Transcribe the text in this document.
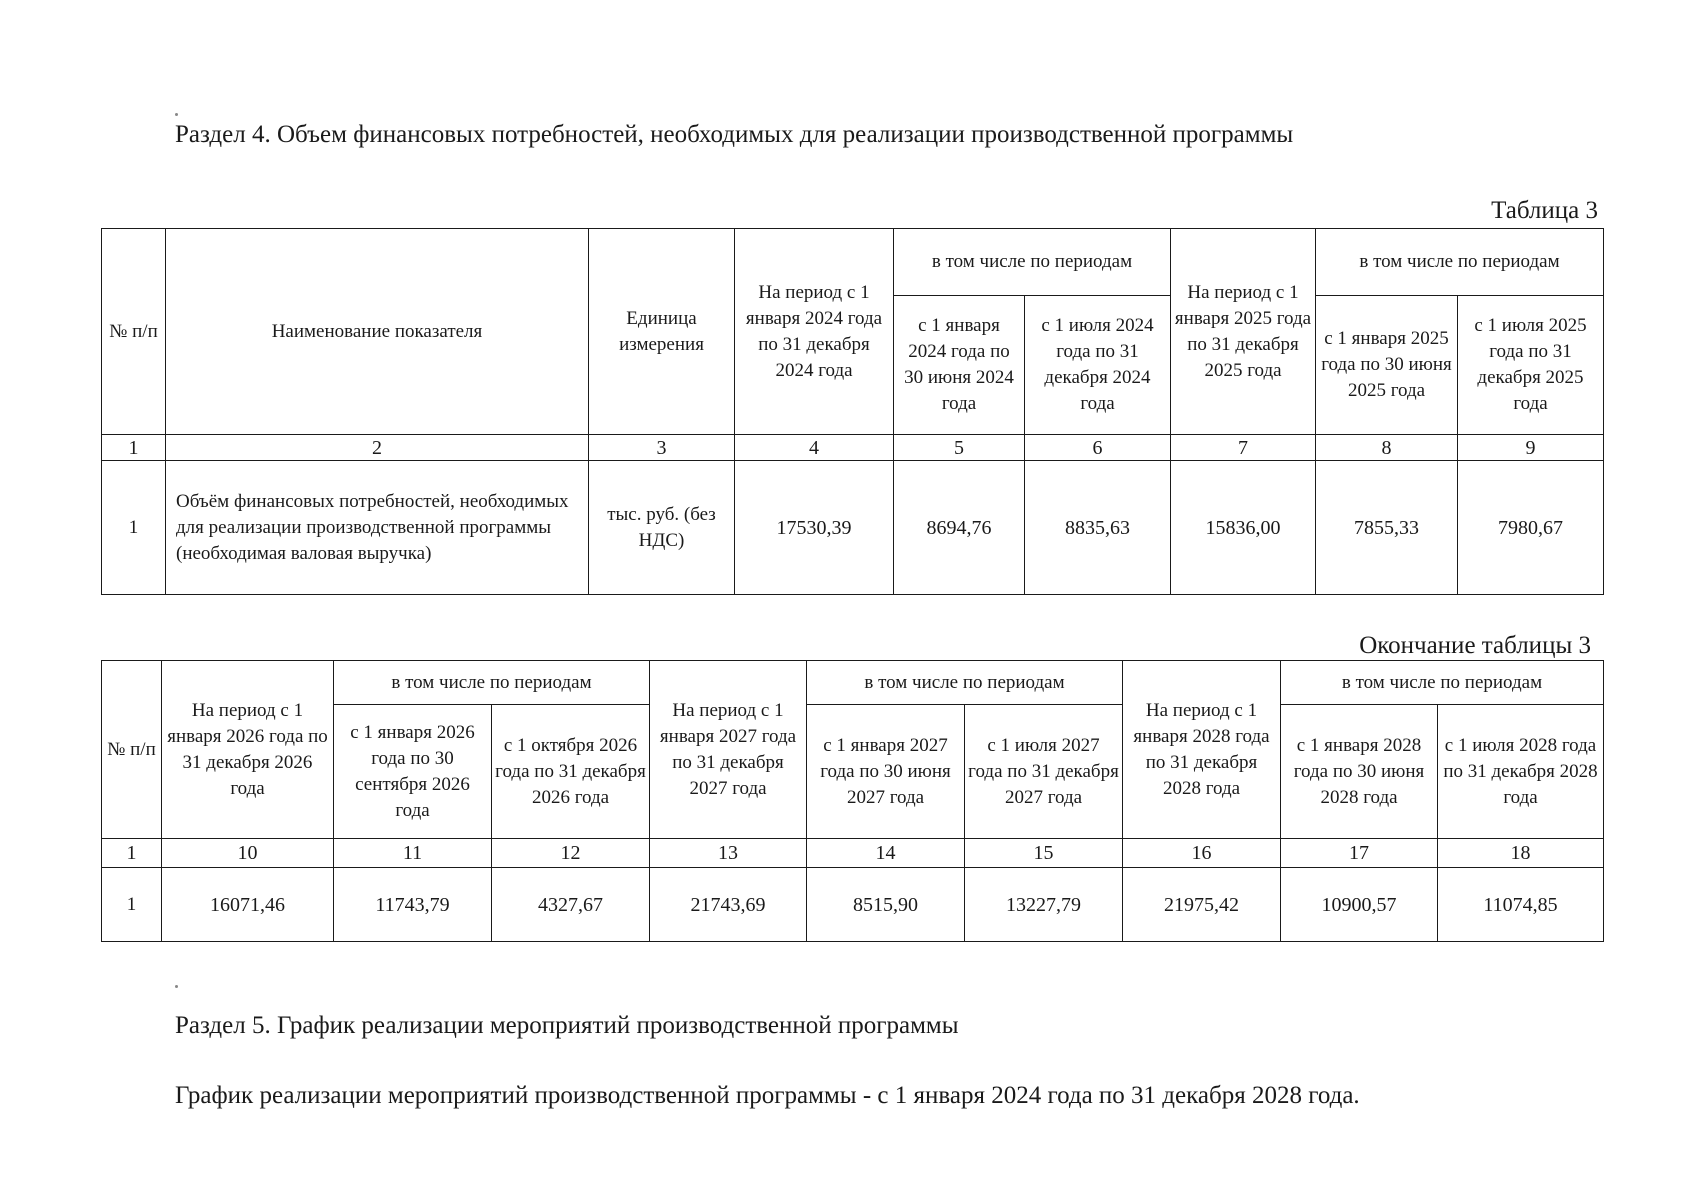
Раздел 4. Объем финансовых потребностей, необходимых для реализации производственной программы
Таблица 3
№ п/п	Наименование показателя	Единица измерения	На период с 1 января 2024 года по 31 декабря 2024 года	в том числе по периодам		На период с 1 января 2025 года по 31 декабря 2025 года	в том числе по периодам	
				с 1 января 2024 года по 30 июня 2024 года	с 1 июля 2024 года по 31 декабря 2024 года		с 1 января 2025 года по 30 июня 2025 года	с 1 июля 2025 года по 31 декабря 2025 года
1	2	3	4	5	6	7	8	9
1	Объём финансовых потребностей, необходимых для реализации производственной программы (необходимая валовая выручка)	тыс. руб. (без НДС)	17530,39	8694,76	8835,63	15836,00	7855,33	7980,67
Окончание таблицы 3
№ п/п	На период с 1 января 2026 года по 31 декабря 2026 года	в том числе по периодам		На период с 1 января 2027 года по 31 декабря 2027 года	в том числе по периодам		На период с 1 января 2028 года по 31 декабря 2028 года	в том числе по периодам	
		с 1 января 2026 года по 30 сентября 2026 года	с 1 октября 2026 года по 31 декабря 2026 года		с 1 января 2027 года по 30 июня 2027 года	с 1 июля 2027 года по 31 декабря 2027 года		с 1 января 2028 года по 30 июня 2028 года	с 1 июля 2028 года по 31 декабря 2028 года
1	10	11	12	13	14	15	16	17	18
1	16071,46	11743,79	4327,67	21743,69	8515,90	13227,79	21975,42	10900,57	11074,85
Раздел 5. График реализации мероприятий производственной программы
График реализации мероприятий производственной программы - с 1 января 2024 года по 31 декабря 2028 года.
